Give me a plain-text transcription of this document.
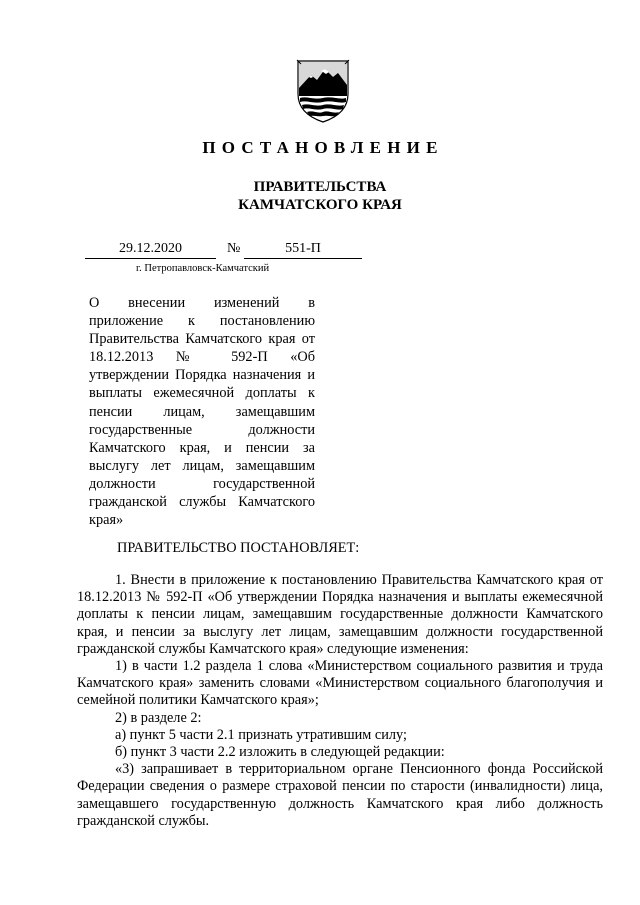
ПОСТАНОВЛЕНИЕ
ПРАВИТЕЛЬСТВА
КАМЧАТСКОГО КРАЯ
29.12.2020	№	551-П
г. Петропавловск-Камчатский
О внесении изменений в приложение к постановлению Правительства Камчатского края от 18.12.2013 № 592-П «Об утверждении Порядка назначения и выплаты ежемесячной доплаты к пенсии лицам, замещавшим государственные должности Камчатского края, и пенсии за выслугу лет лицам, замещавшим должности государственной гражданской службы Камчатского края»
ПРАВИТЕЛЬСТВО ПОСТАНОВЛЯЕТ:

1. Внести в приложение к постановлению Правительства Камчатского края от 18.12.2013 № 592-П «Об утверждении Порядка назначения и выплаты ежемесячной доплаты к пенсии лицам, замещавшим государственные должности Камчатского края, и пенсии за выслугу лет лицам, замещавшим должности государственной гражданской службы Камчатского края» следующие изменения:

1) в части 1.2 раздела 1 слова «Министерством социального развития и труда Камчатского края» заменить словами «Министерством социального благополучия и семейной политики Камчатского края»;

2) в разделе 2:

а) пункт 5 части 2.1 признать утратившим силу;

б) пункт 3 части 2.2 изложить в следующей редакции:

«3) запрашивает в территориальном органе Пенсионного фонда Российской Федерации сведения о размере страховой пенсии по старости (инвалидности) лица, замещавшего государственную должность Камчатского края либо должность гражданской службы.
